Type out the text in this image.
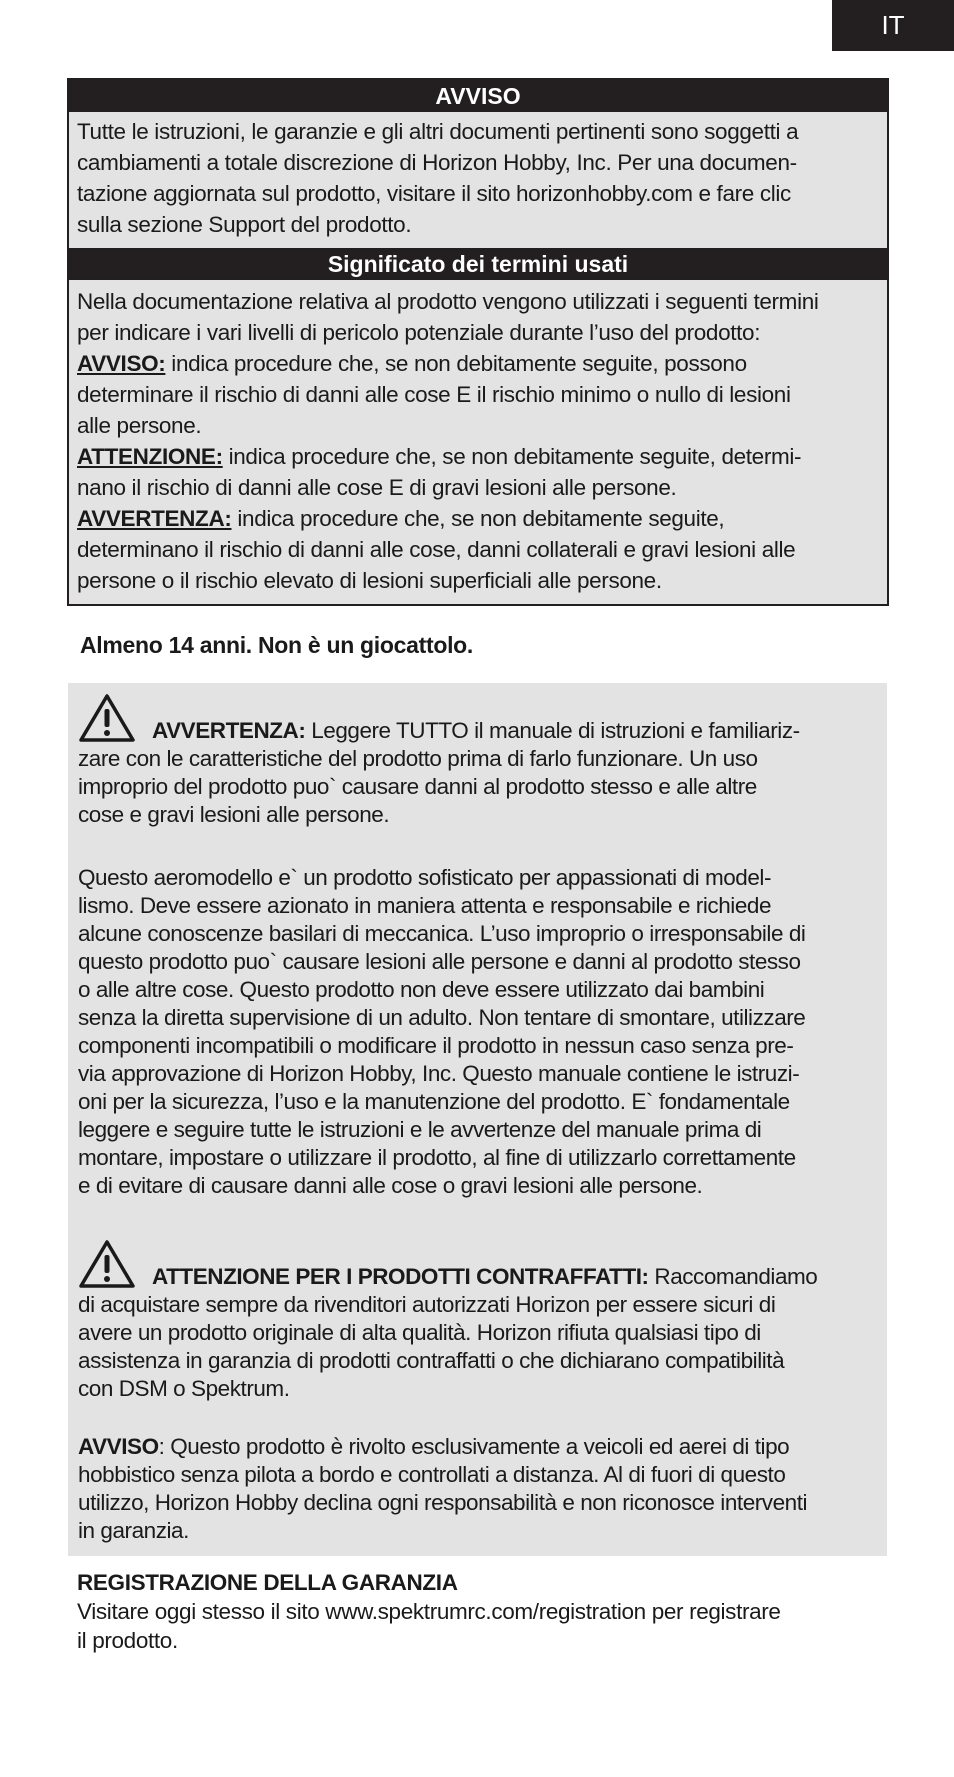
IT
AVVISO
Tutte le istruzioni, le garanzie e gli altri documenti pertinenti sono soggetti a
cambiamenti a totale discrezione di Horizon Hobby, Inc. Per una documen-
tazione aggiornata sul prodotto, visitare il sito horizonhobby.com e fare clic
sulla sezione Support del prodotto.
Significato dei termini usati
Nella documentazione relativa al prodotto vengono utilizzati i seguenti termini
per indicare i vari livelli di pericolo potenziale durante l’uso del prodotto:
AVVISO: indica procedure che, se non debitamente seguite, possono
determinare il rischio di danni alle cose E il rischio minimo o nullo di lesioni
alle persone.
ATTENZIONE: indica procedure che, se non debitamente seguite, determi-
nano il rischio di danni alle cose E di gravi lesioni alle persone.
AVVERTENZA: indica procedure che, se non debitamente seguite,
determinano il rischio di danni alle cose, danni collaterali e gravi lesioni alle
persone o il rischio elevato di lesioni superficiali alle persone.
Almeno 14 anni. Non è un giocattolo.
AVVERTENZA: Leggere TUTTO il manuale di istruzioni e familiariz-
zare con le caratteristiche del prodotto prima di farlo funzionare. Un uso
improprio del prodotto puo` causare danni al prodotto stesso e alle altre
cose e gravi lesioni alle persone.
Questo aeromodello e` un prodotto sofisticato per appassionati di model-
lismo. Deve essere azionato in maniera attenta e responsabile e richiede
alcune conoscenze basilari di meccanica. L’uso improprio o irresponsabile di
questo prodotto puo` causare lesioni alle persone e danni al prodotto stesso
o alle altre cose. Questo prodotto non deve essere utilizzato dai bambini
senza la diretta supervisione di un adulto. Non tentare di smontare, utilizzare
componenti incompatibili o modificare il prodotto in nessun caso senza pre-
via approvazione di Horizon Hobby, Inc. Questo manuale contiene le istruzi-
oni per la sicurezza, l’uso e la manutenzione del prodotto. E` fondamentale
leggere e seguire tutte le istruzioni e le avvertenze del manuale prima di
montare, impostare o utilizzare il prodotto, al fine di utilizzarlo correttamente
e di evitare di causare danni alle cose o gravi lesioni alle persone.
ATTENZIONE PER I PRODOTTI CONTRAFFATTI: Raccomandiamo
di acquistare sempre da rivenditori autorizzati Horizon per essere sicuri di
avere un prodotto originale di alta qualità. Horizon rifiuta qualsiasi tipo di
assistenza in garanzia di prodotti contraffatti o che dichiarano compatibilità
con DSM o Spektrum.
AVVISO: Questo prodotto è rivolto esclusivamente a veicoli ed aerei di tipo
hobbistico senza pilota a bordo e controllati a distanza. Al di fuori di questo
utilizzo, Horizon Hobby declina ogni responsabilità e non riconosce interventi
in garanzia.
REGISTRAZIONE DELLA GARANZIA
Visitare oggi stesso il sito www.spektrumrc.com/registration per registrare
il prodotto.
